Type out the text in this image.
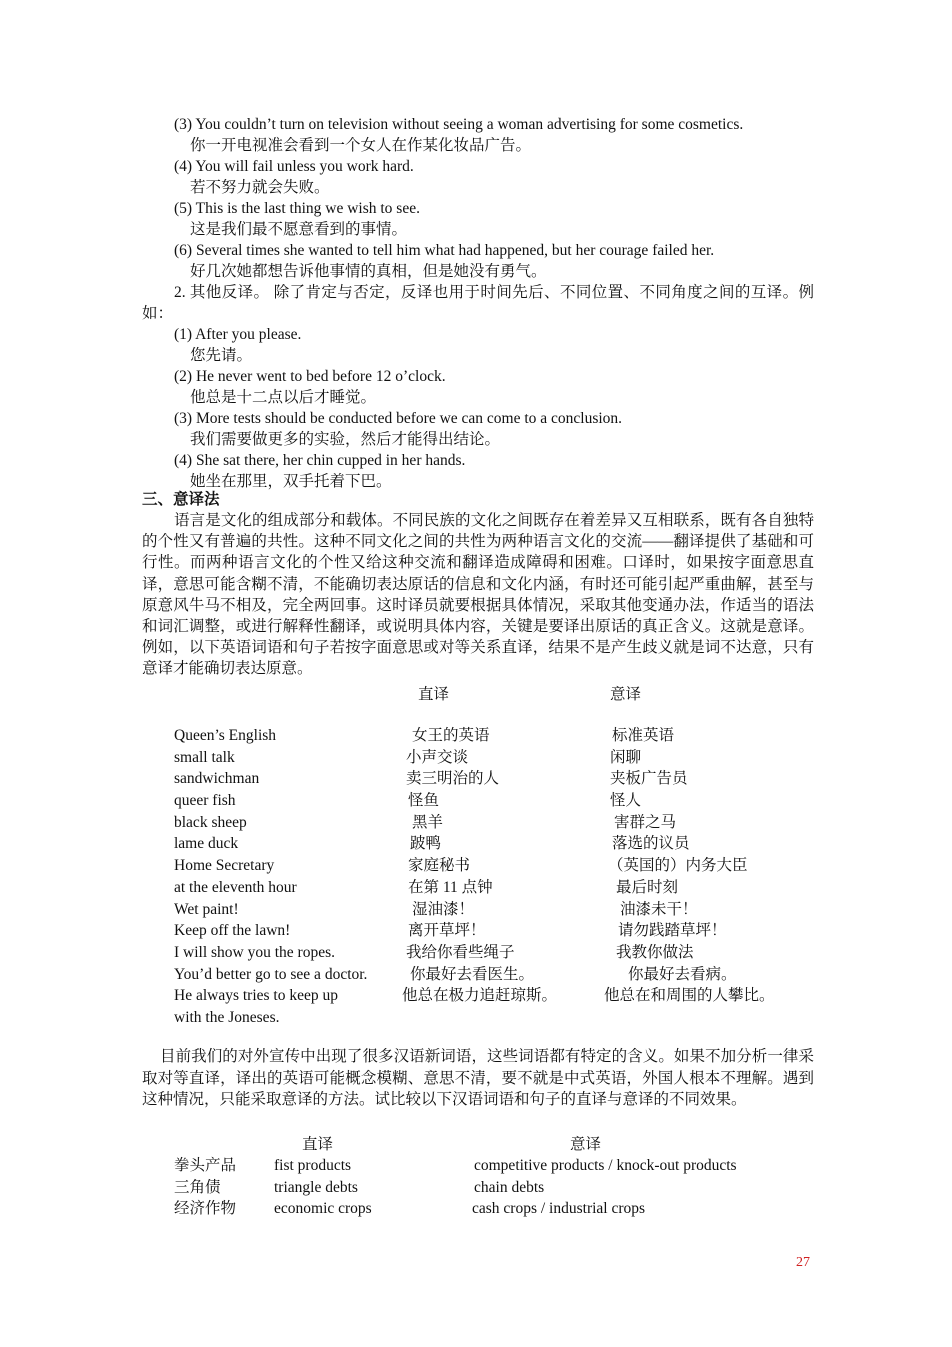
(3) You couldn’t turn on television without seeing a woman advertising for some cosmetics.
你一开电视准会看到一个女人在作某化妆品广告。
(4) You will fail unless you work hard.
若不努力就会失败。
(5) This is the last thing we wish to see.
这是我们最不愿意看到的事情。
(6) Several times she wanted to tell him what had happened, but her courage failed her.
好几次她都想告诉他事情的真相，但是她没有勇气。
2. 其他反译。 除了肯定与否定，反译也用于时间先后、不同位置、不同角度之间的互译。例如：
(1) After you please.
您先请。
(2) He never went to bed before 12 o’clock.
他总是十二点以后才睡觉。
(3) More tests should be conducted before we can come to a conclusion.
我们需要做更多的实验，然后才能得出结论。
(4) She sat there, her chin cupped in her hands.
她坐在那里，双手托着下巴。
三、意译法
语言是文化的组成部分和载体。不同民族的文化之间既存在着差异又互相联系，既有各自独特的个性又有普遍的共性。这种不同文化之间的共性为两种语言文化的交流——翻译提供了基础和可行性。而两种语言文化的个性又给这种交流和翻译造成障碍和困难。口译时，如果按字面意思直译，意思可能含糊不清，不能确切表达原话的信息和文化内涵，有时还可能引起严重曲解，甚至与原意风牛马不相及，完全两回事。这时译员就要根据具体情况，采取其他变通办法，作适当的语法和词汇调整，或进行解释性翻译，或说明具体内容，关键是要译出原话的真正含义。这就是意译。例如，以下英语词语和句子若按字面意思或对等关系直译，结果不是产生歧义就是词不达意，只有意译才能确切表达原意。
直译	意译
Queen’s English	女王的英语	标准英语
small talk	小声交谈	闲聊
sandwichman	卖三明治的人	夹板广告员
queer fish	怪鱼	怪人
black sheep	黑羊	害群之马
lame duck	跛鸭	落选的议员
Home Secretary	家庭秘书	（英国的）内务大臣
at the eleventh hour	在第 11 点钟	最后时刻
Wet paint!	湿油漆！	油漆未干！
Keep off the lawn!	离开草坪！	请勿践踏草坪！
I will show you the ropes.	我给你看些绳子	我教你做法
You’d better go to see a doctor.	你最好去看医生。	你最好去看病。
He always tries to keep up	他总在极力追赶琼斯。	他总在和周围的人攀比。
with the Joneses.
目前我们的对外宣传中出现了很多汉语新词语，这些词语都有特定的含义。如果不加分析一律采取对等直译，译出的英语可能概念模糊、意思不清，要不就是中式英语，外国人根本不理解。遇到这种情况，只能采取意译的方法。试比较以下汉语词语和句子的直译与意译的不同效果。
直译	意译
拳头产品 fist products	competitive products / knock-out products
三角债	triangle debts	chain debts
经济作物 economic crops	cash crops / industrial crops
27
